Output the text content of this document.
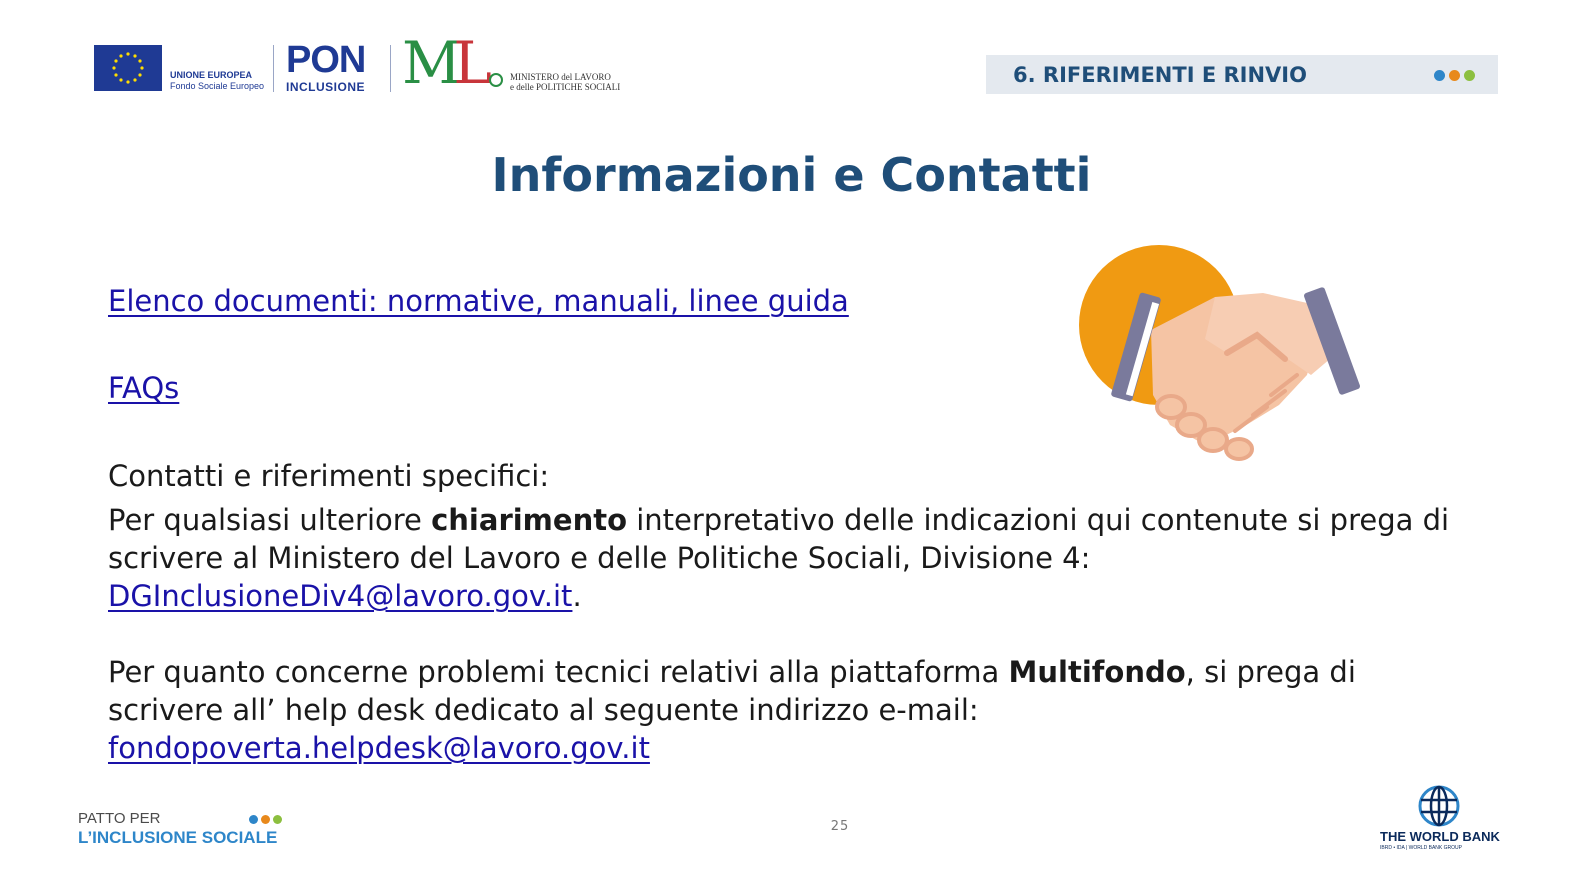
UNIONE EUROPEA
Fondo Sociale Europeo
PON
INCLUSIONE ML	MINISTERO del LAVORO
e delle POLITICHE SOCIALI	6. RIFERIMENTI E RINVIO
Informazioni e Contatti
Elenco documenti: normative, manuali, linee guida
FAQs
Contatti e riferimenti specifici:
Per qualsiasi ulteriore chiarimento interpretativo delle indicazioni qui contenute si prega di scrivere al Ministero del Lavoro e delle Politiche Sociali, Divisione 4:
DGInclusioneDiv4@lavoro.gov.it.
Per quanto concerne problemi tecnici relativi alla piattaforma Multifondo, si prega di scrivere all’ help desk dedicato al seguente indirizzo e-mail:
fondopoverta.helpdesk@lavoro.gov.it
PATTO PER
L’INCLUSIONE SOCIALE
25
THE WORLD BANK
IBRD • IDA | WORLD BANK GROUP
